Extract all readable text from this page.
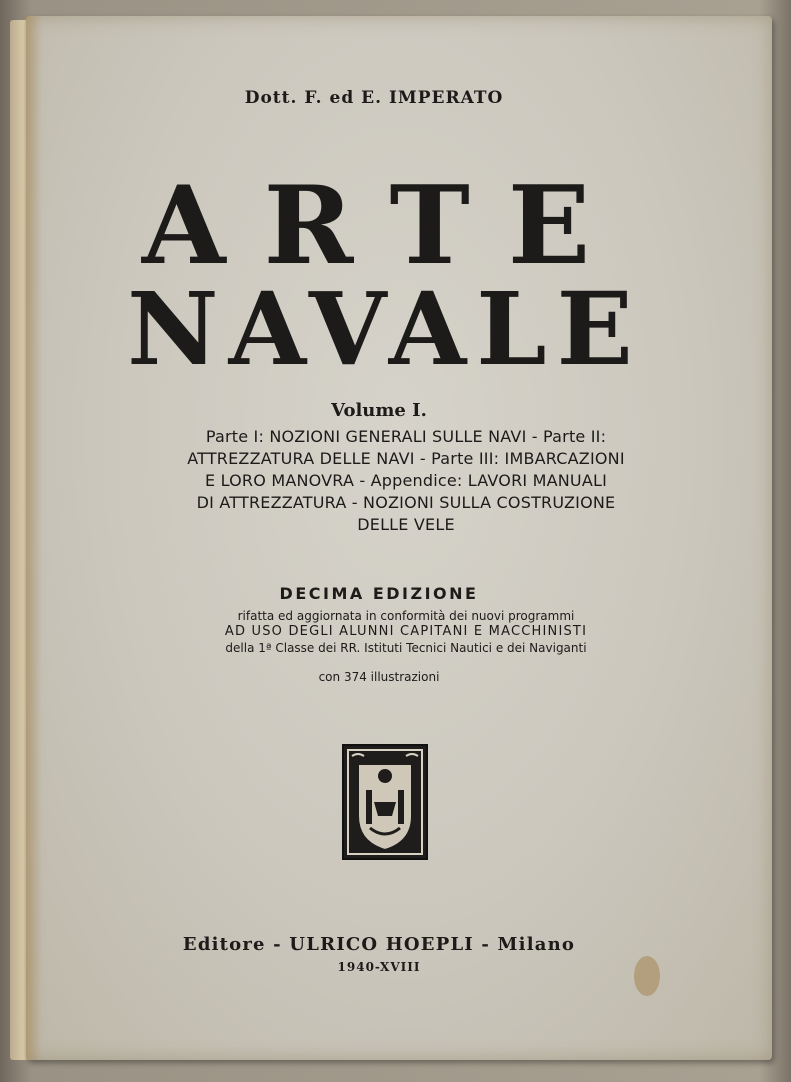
Dott. F. ed E. IMPERATO
ARTE
NAVALE
Volume I.
Parte I: NOZIONI GENERALI SULLE NAVI - Parte II:
ATTREZZATURA DELLE NAVI - Parte III: IMBARCAZIONI
E LORO MANOVRA - Appendice: LAVORI MANUALI
DI ATTREZZATURA - NOZIONI SULLA COSTRUZIONE
DELLE VELE
DECIMA EDIZIONE
rifatta ed aggiornata in conformità dei nuovi programmi
AD USO DEGLI ALUNNI CAPITANI E MACCHINISTI
della 1ª Classe dei RR. Istituti Tecnici Nautici e dei Naviganti
con 374 illustrazioni
Editore - ULRICO HOEPLI - Milano
1940-XVIII
